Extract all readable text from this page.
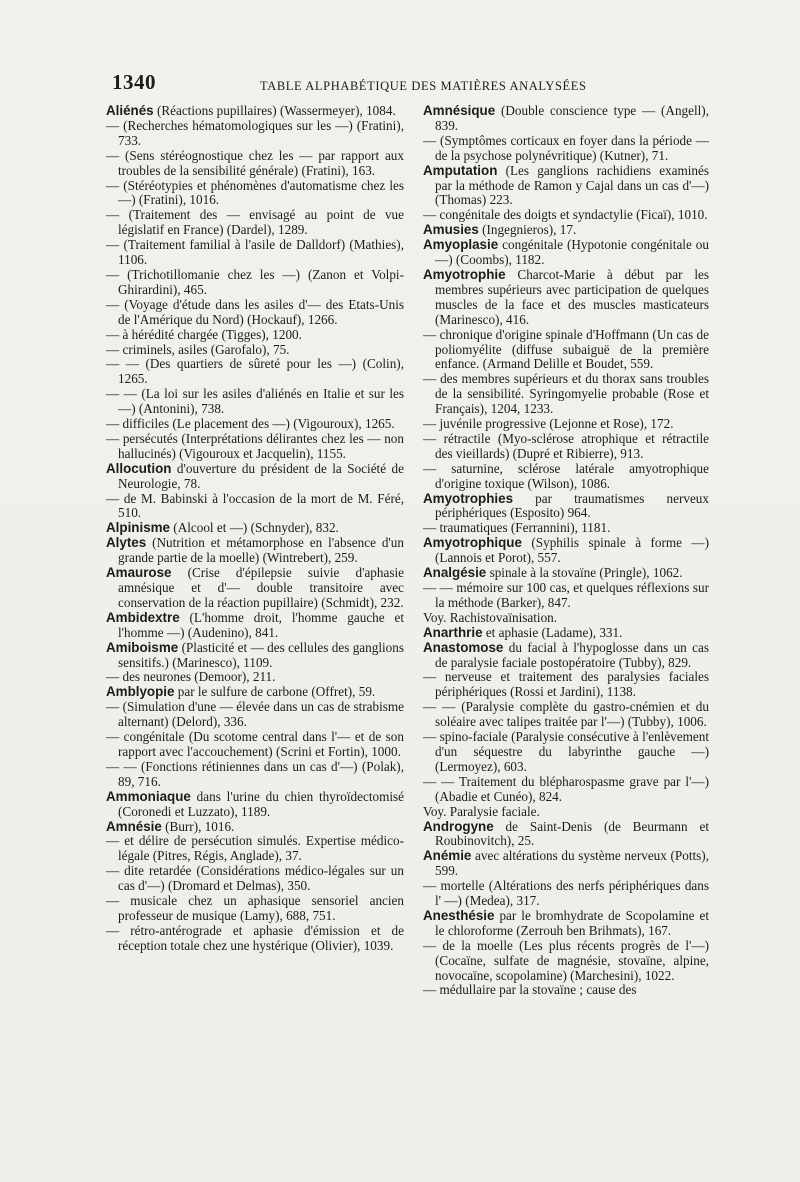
1340	TABLE ALPHABÉTIQUE DES MATIÈRES ANALYSÉES

Aliénés (Réactions pupillaires) (Wassermeyer), 1084.

— (Recherches hématomologiques sur les —) (Fratini), 733.

— (Sens stéréognostique chez les — par rapport aux troubles de la sensibilité générale) (Fratini), 163.

— (Stéréotypies et phénomènes d'automatisme chez les —) (Fratini), 1016.

— (Traitement des — envisagé au point de vue législatif en France) (Dardel), 1289.

— (Traitement familial à l'asile de Dalldorf) (Mathies), 1106.

— (Trichotillomanie chez les —) (Zanon et Volpi-Ghirardini), 465.

— (Voyage d'étude dans les asiles d'— des Etats-Unis de l'Amérique du Nord) (Hockauf), 1266.

— à hérédité chargée (Tigges), 1200.

— criminels, asiles (Garofalo), 75.

— — (Des quartiers de sûreté pour les —) (Colin), 1265.

— — (La loi sur les asiles d'aliénés en Italie et sur les —) (Antonini), 738.

— difficiles (Le placement des —) (Vigouroux), 1265.

— persécutés (Interprétations délirantes chez les — non hallucinés) (Vigouroux et Jacquelin), 1155.

Allocution d'ouverture du président de la Société de Neurologie, 78.

— de M. Babinski à l'occasion de la mort de M. Féré, 510.

Alpinisme (Alcool et —) (Schnyder), 832.

Alytes (Nutrition et métamorphose en l'absence d'un grande partie de la moelle) (Wintrebert), 259.

Amaurose (Crise d'épilepsie suivie d'aphasie amnésique et d'— double transitoire avec conservation de la réaction pupillaire) (Schmidt), 232.

Ambidextre (L'homme droit, l'homme gauche et l'homme —) (Audenino), 841.

Amiboisme (Plasticité et — des cellules des ganglions sensitifs.) (Marinesco), 1109.

— des neurones (Demoor), 211.

Amblyopie par le sulfure de carbone (Offret), 59.

— (Simulation d'une — élevée dans un cas de strabisme alternant) (Delord), 336.

— congénitale (Du scotome central dans l'— et de son rapport avec l'accouchement) (Scrini et Fortin), 1000.

— — (Fonctions rétiniennes dans un cas d'—) (Polak), 89, 716.

Ammoniaque dans l'urine du chien thyroïdectomisé (Coronedi et Luzzato), 1189.

Amnésie (Burr), 1016.

— et délire de persécution simulés. Expertise médico-légale (Pitres, Régis, Anglade), 37.

— dite retardée (Considérations médico-légales sur un cas d'—) (Dromard et Delmas), 350.

— musicale chez un aphasique sensoriel ancien professeur de musique (Lamy), 688, 751.

— rétro-antérograde et aphasie d'émission et de réception totale chez une hystérique (Olivier), 1039.

Amnésique (Double conscience type — (Angell), 839.

— (Symptômes corticaux en foyer dans la période — de la psychose polynévritique) (Kutner), 71.

Amputation (Les ganglions rachidiens examinés par la méthode de Ramon y Cajal dans un cas d'—) (Thomas) 223.

— congénitale des doigts et syndactylie (Ficaï), 1010.

Amusies (Ingegnieros), 17.

Amyoplasie congénitale (Hypotonie congénitale ou —) (Coombs), 1182.

Amyotrophie Charcot-Marie à début par les membres supérieurs avec participation de quelques muscles de la face et des muscles masticateurs (Marinesco), 416.

— chronique d'origine spinale d'Hoffmann (Un cas de poliomyélite (diffuse subaiguë de la première enfance. (Armand Delille et Boudet, 559.

— des membres supérieurs et du thorax sans troubles de la sensibilité. Syringomyelie probable (Rose et Français), 1204, 1233.

— juvénile progressive (Lejonne et Rose), 172.

— rétractile (Myo-sclérose atrophique et rétractile des vieillards) (Dupré et Ribierre), 913.

— saturnine, sclérose latérale amyotrophique d'origine toxique (Wilson), 1086.

Amyotrophies par traumatismes nerveux périphériques (Esposito) 964.

— traumatiques (Ferrannini), 1181.

Amyotrophique (Syphilis spinale à forme —) (Lannois et Porot), 557.

Analgésie spinale à la stovaïne (Pringle), 1062.

— — mémoire sur 100 cas, et quelques réflexions sur la méthode (Barker), 847.

Voy. Rachistovaïnisation.

Anarthrie et aphasie (Ladame), 331.

Anastomose du facial à l'hypoglosse dans un cas de paralysie faciale postopératoire (Tubby), 829.

— nerveuse et traitement des paralysies faciales périphériques (Rossi et Jardini), 1138.

— — (Paralysie complète du gastro-cnémien et du soléaire avec talipes traitée par l'—) (Tubby), 1006.

— spino-faciale (Paralysie consécutive à l'enlèvement d'un séquestre du labyrinthe gauche —) (Lermoyez), 603.

— — Traitement du blépharospasme grave par l'—) (Abadie et Cunéo), 824.

Voy. Paralysie faciale.

Androgyne de Saint-Denis (de Beurmann et Roubinovitch), 25.

Anémie avec altérations du système nerveux (Potts), 599.

— mortelle (Altérations des nerfs périphériques dans l' —) (Medea), 317.

Anesthésie par le bromhydrate de Scopolamine et le chloroforme (Zerrouh ben Brihmats), 167.

— de la moelle (Les plus récents progrès de l'—) (Cocaïne, sulfate de magnésie, stovaïne, alpine, novocaïne, scopolamine) (Marchesini), 1022.

— médullaire par la stovaïne ; cause des
